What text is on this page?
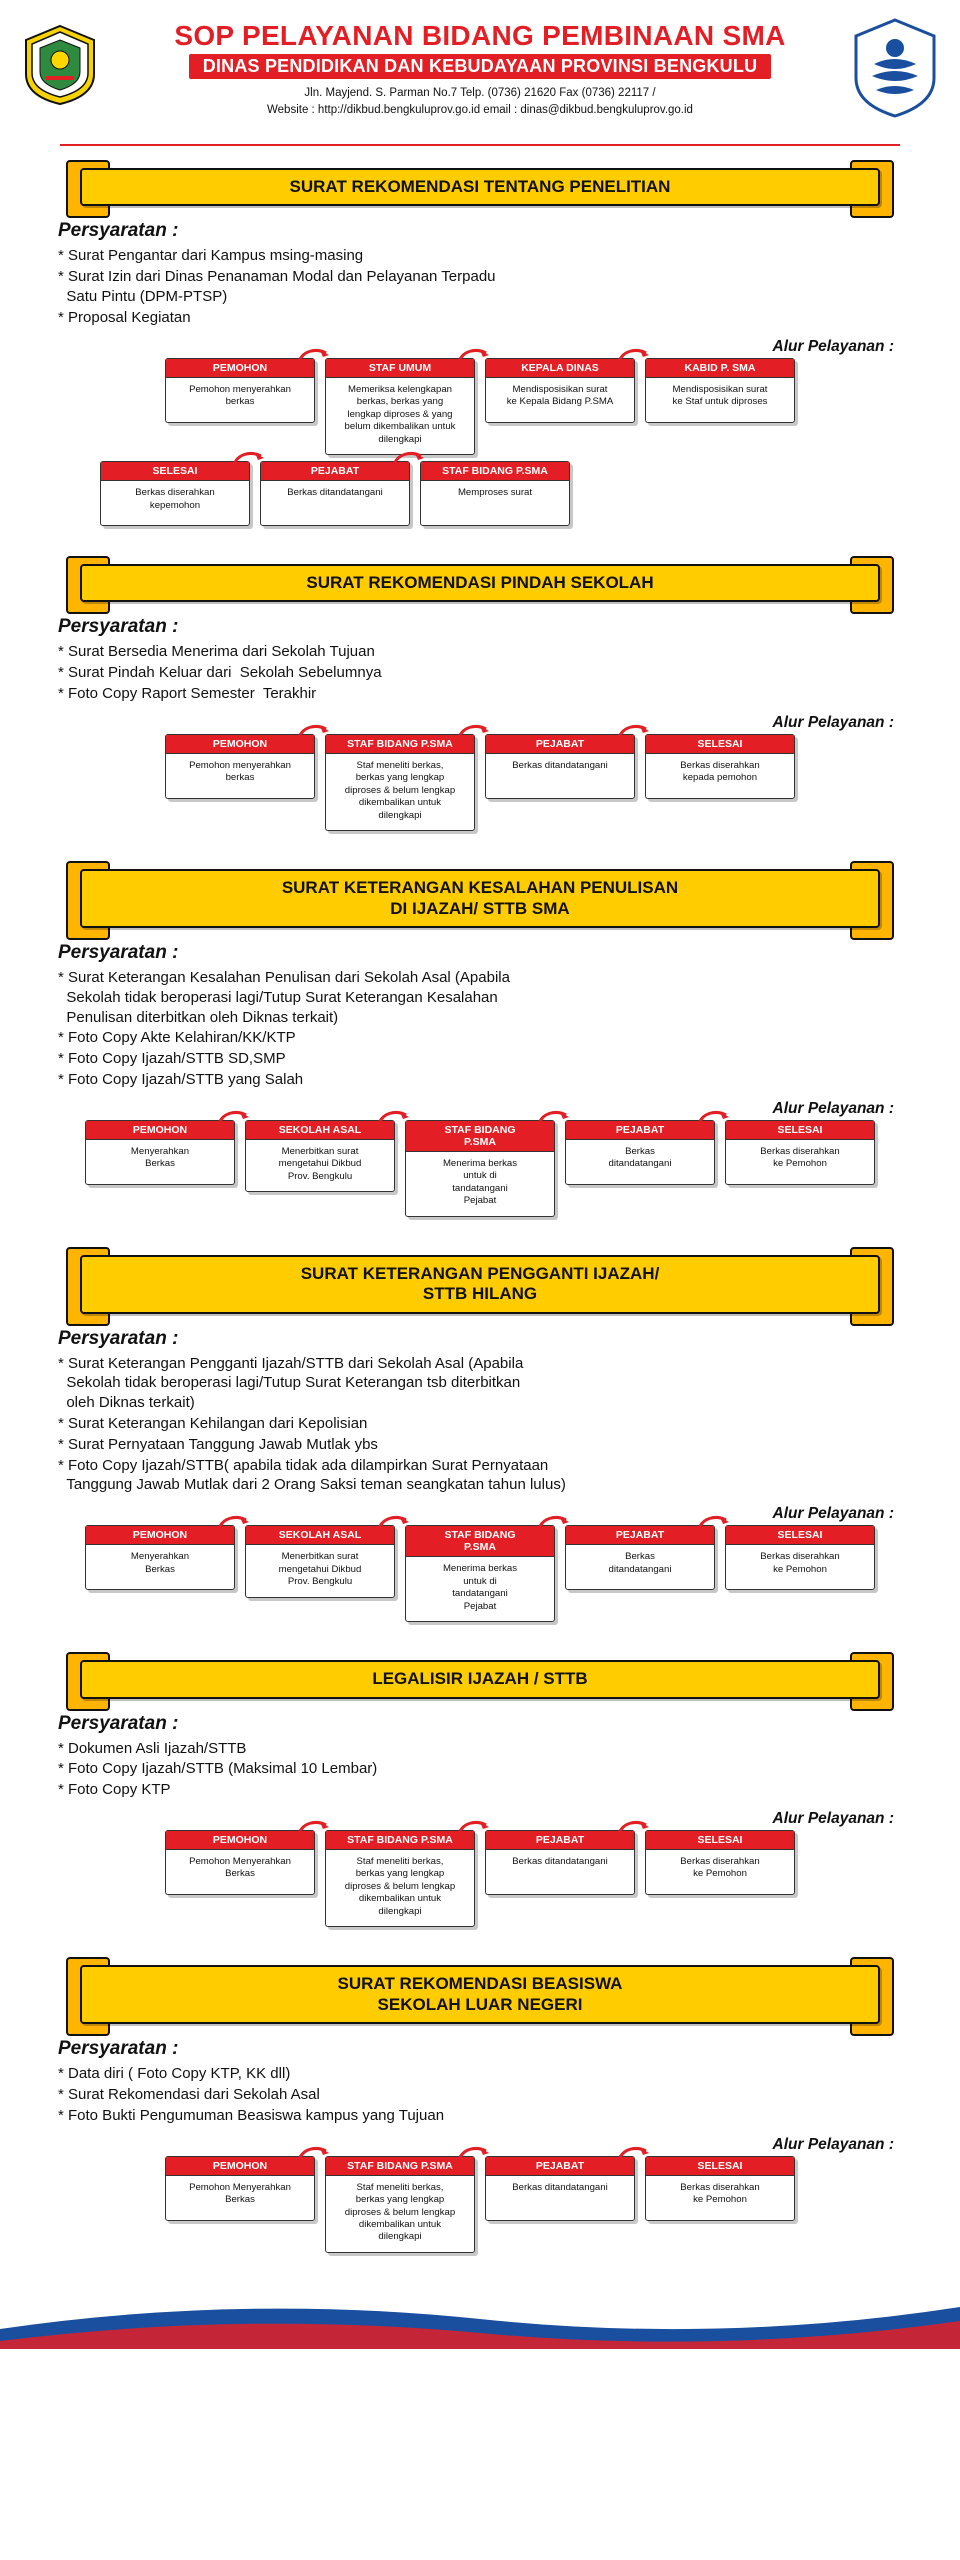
SOP PELAYANAN BIDANG PEMBINAAN SMA
DINAS PENDIDIKAN DAN KEBUDAYAAN PROVINSI BENGKULU
Jln. Mayjend. S. Parman No.7 Telp. (0736) 21620 Fax (0736) 22117 /
Website : http://dikbud.bengkuluprov.go.id email : dinas@dikbud.bengkuluprov.go.id
SURAT REKOMENDASI TENTANG PENELITIAN
Persyaratan :
* Surat Pengantar dari Kampus msing-masing
* Surat Izin dari Dinas Penanaman Modal dan Pelayanan Terpadu
Satu Pintu (DPM-PTSP)
* Proposal Kegiatan
Alur Pelayanan :
PEMOHON
Pemohon menyerahkan
berkas
STAF UMUM
Memeriksa kelengkapan
berkas, berkas yang
lengkap diproses & yang
belum dikembalikan untuk
dilengkapi
KEPALA DINAS
Mendisposisikan surat
ke Kepala Bidang P.SMA
KABID P. SMA
Mendisposisikan surat
ke Staf untuk diproses
SELESAI
Berkas diserahkan
kepemohon
PEJABAT
Berkas ditandatangani
STAF BIDANG P.SMA
Memproses surat
SURAT REKOMENDASI PINDAH SEKOLAH
Persyaratan :
* Surat Bersedia Menerima dari Sekolah Tujuan
* Surat Pindah Keluar dari  Sekolah Sebelumnya
* Foto Copy Raport Semester  Terakhir
Alur Pelayanan :
PEMOHON
Pemohon menyerahkan
berkas
STAF BIDANG P.SMA
Staf meneliti berkas,
berkas yang lengkap
diproses & belum lengkap
dikembalikan untuk
dilengkapi
PEJABAT
Berkas ditandatangani
SELESAI
Berkas diserahkan
kepada pemohon
SURAT KETERANGAN KESALAHAN PENULISAN
DI IJAZAH/ STTB SMA
Persyaratan :
* Surat Keterangan Kesalahan Penulisan dari Sekolah Asal (Apabila
Sekolah tidak beroperasi lagi/Tutup Surat Keterangan Kesalahan
Penulisan diterbitkan oleh Diknas terkait)
* Foto Copy Akte Kelahiran/KK/KTP
* Foto Copy Ijazah/STTB SD,SMP
* Foto Copy Ijazah/STTB yang Salah
Alur Pelayanan :
PEMOHON
Menyerahkan
Berkas
SEKOLAH ASAL
Menerbitkan surat
mengetahui Dikbud
Prov. Bengkulu
STAF BIDANG
P.SMA
Menerima berkas
untuk di
tandatangani
Pejabat
PEJABAT
Berkas
ditandatangani
SELESAI
Berkas diserahkan
ke Pemohon
SURAT KETERANGAN PENGGANTI IJAZAH/
STTB HILANG
Persyaratan :
* Surat Keterangan Pengganti Ijazah/STTB dari Sekolah Asal (Apabila
Sekolah tidak beroperasi lagi/Tutup Surat Keterangan tsb diterbitkan
oleh Diknas terkait)
* Surat Keterangan Kehilangan dari Kepolisian
* Surat Pernyataan Tanggung Jawab Mutlak ybs
* Foto Copy Ijazah/STTB( apabila tidak ada dilampirkan Surat Pernyataan
Tanggung Jawab Mutlak dari 2 Orang Saksi teman seangkatan tahun lulus)
Alur Pelayanan :
PEMOHON
Menyerahkan
Berkas
SEKOLAH ASAL
Menerbitkan surat
mengetahui Dikbud
Prov. Bengkulu
STAF BIDANG
P.SMA
Menerima berkas
untuk di
tandatangani
Pejabat
PEJABAT
Berkas
ditandatangani
SELESAI
Berkas diserahkan
ke Pemohon
LEGALISIR IJAZAH / STTB
Persyaratan :
* Dokumen Asli Ijazah/STTB
* Foto Copy Ijazah/STTB (Maksimal 10 Lembar)
* Foto Copy KTP
Alur Pelayanan :
PEMOHON
Pemohon Menyerahkan
Berkas
STAF BIDANG P.SMA
Staf meneliti berkas,
berkas yang lengkap
diproses & belum lengkap
dikembalikan untuk
dilengkapi
PEJABAT
Berkas ditandatangani
SELESAI
Berkas diserahkan
ke Pemohon
SURAT REKOMENDASI BEASISWA
SEKOLAH LUAR NEGERI
Persyaratan :
* Data diri ( Foto Copy KTP, KK dll)
* Surat Rekomendasi dari Sekolah Asal
* Foto Bukti Pengumuman Beasiswa kampus yang Tujuan
Alur Pelayanan :
PEMOHON
Pemohon Menyerahkan
Berkas
STAF BIDANG P.SMA
Staf meneliti berkas,
berkas yang lengkap
diproses & belum lengkap
dikembalikan untuk
dilengkapi
PEJABAT
Berkas ditandatangani
SELESAI
Berkas diserahkan
ke Pemohon
